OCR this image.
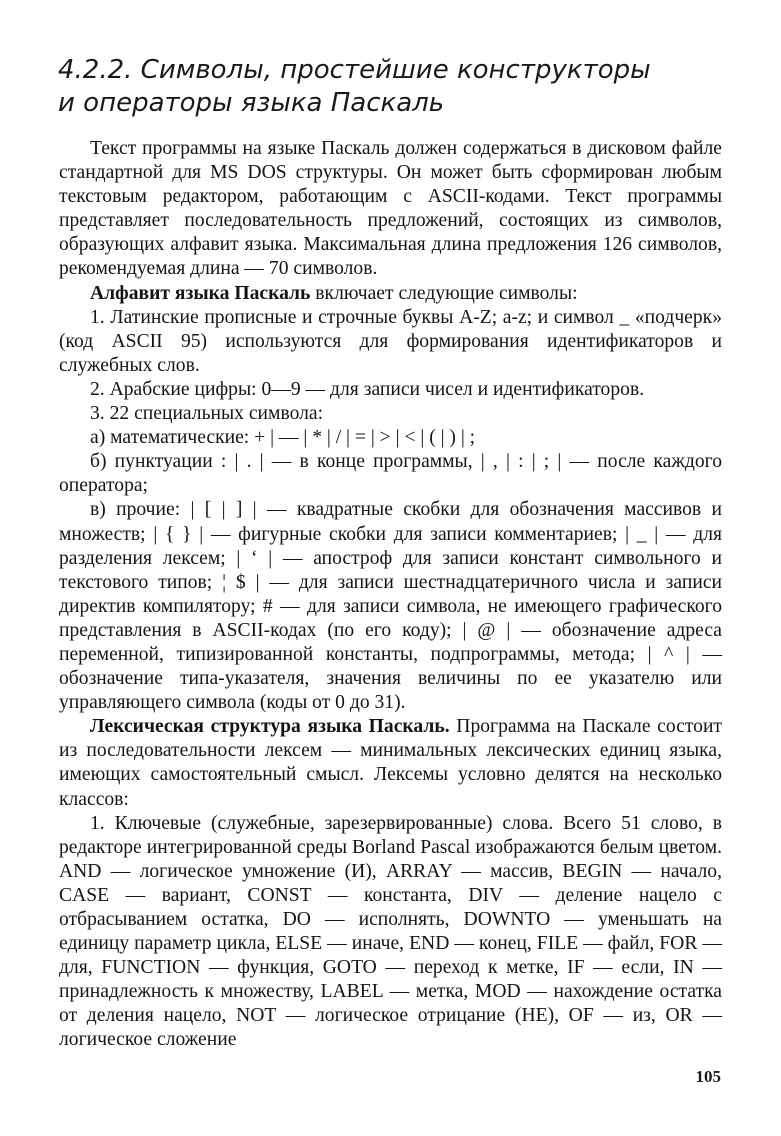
4.2.2. Символы, простейшие конструкторы
и операторы языка Паскаль

Текст программы на языке Паскаль должен содержаться в дисковом файле стандартной для MS DOS структуры. Он может быть сформирован любым текстовым редактором, работающим с ASCII-кодами. Текст программы представляет последовательность предложений, состоящих из символов, образующих алфавит языка. Максимальная длина предложения 126 символов, рекомендуемая длина — 70 символов.

Алфавит языка Паскаль включает следующие символы:

1. Латинские прописные и строчные буквы A-Z; a-z; и символ _ «подчерк» (код ASCII 95) используются для формирования идентификаторов и служебных слов.

2. Арабские цифры: 0—9 — для записи чисел и идентификаторов.

3. 22 специальных символа:

а) математические: + | — | * | / | = | > | < | ( | ) | ;

б) пунктуации : | . | — в конце программы, | , | : | ; | — после каждого оператора;

в) прочие: | [ | ] | — квадратные скобки для обозначения массивов и множеств; | { } | — фигурные скобки для записи комментариев; | _ | — для разделения лексем; | ‘ | — апостроф для записи констант символьного и текстового типов; ¦ $ | — для записи шестнадцатеричного числа и записи директив компилятору; # — для записи символа, не имеющего графического представления в ASCII-кодах (по его коду); | @ | — обозначение адреса переменной, типизированной константы, подпрограммы, метода; | ^ | — обозначение типа-указателя, значения величины по ее указателю или управляющего символа (коды от 0 до 31).

Лексическая структура языка Паскаль. Программа на Паскале состоит из последовательности лексем — минимальных лексических единиц языка, имеющих самостоятельный смысл. Лексемы условно делятся на несколько классов:

1. Ключевые (служебные, зарезервированные) слова. Всего 51 слово, в редакторе интегрированной среды Borland Pascal изображаются белым цветом. AND — логическое умножение (И), ARRAY — массив, BEGIN — начало, CASE — вариант, CONST — константа, DIV — деление нацело с отбрасыванием остатка, DO — исполнять, DOWNTO — уменьшать на единицу параметр цикла, ELSE — иначе, END — конец, FILE — файл, FOR — для, FUNCTION — функция, GOTO — переход к метке, IF — если, IN — принадлежность к множеству, LABEL — метка, MOD — нахождение остатка от деления нацело, NOT — логическое отрицание (НЕ), OF — из, OR — логическое сложение

105
